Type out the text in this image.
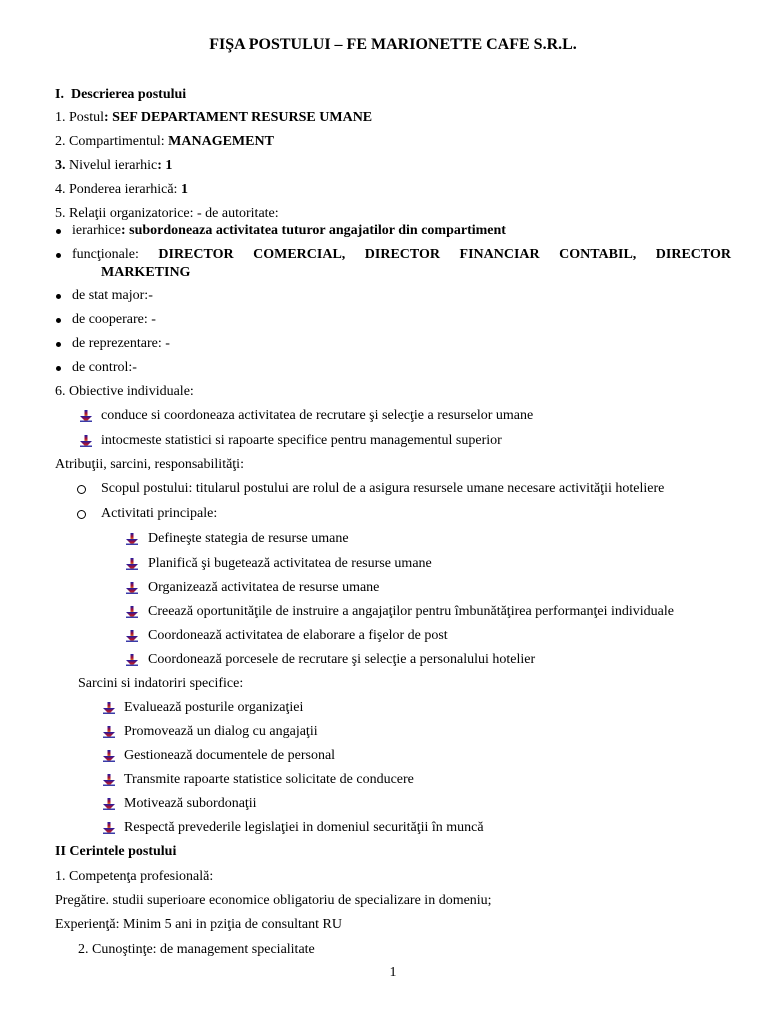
FIŞA POSTULUI – FE MARIONETTE CAFE S.R.L.
I. Descrierea postului
1. Postul: SEF DEPARTAMENT RESURSE UMANE
2. Compartimentul: MANAGEMENT
3. Nivelul ierarhic: 1
4. Ponderea ierarhică: 1
5. Relaţii organizatorice: - de autoritate:
ierarhice: subordoneaza activitatea tuturor angajatilor din compartiment
funcţionale: DIRECTOR COMERCIAL, DIRECTOR FINANCIAR CONTABIL, DIRECTOR
MARKETING
de stat major:-
de cooperare: -
de reprezentare: -
de control:-
6. Obiective individuale:
conduce si coordoneaza activitatea de recrutare şi selecţie a resurselor umane
intocmeste statistici si rapoarte specifice pentru managementul superior
Atribuţii, sarcini, responsabilităţi:
Scopul postului: titularul postului are rolul de a asigura resursele umane necesare activităţii hoteliere
Activitati principale:
Defineşte stategia de resurse umane
Planifică şi bugetează activitatea de resurse umane
Organizează activitatea de resurse umane
Creează oportunităţile de instruire a angajaţilor pentru îmbunătăţirea performanţei individuale
Coordonează activitatea de elaborare a fişelor de post
Coordonează porcesele de recrutare şi selecţie a personalului hotelier
Sarcini si indatoriri specifice:
Evaluează posturile organizaţiei
Promovează un dialog cu angajaţii
Gestionează documentele de personal
Transmite rapoarte statistice solicitate de conducere
Motivează subordonaţii
Respectă prevederile legislaţiei in domeniul securităţii în muncă
II Cerintele postului
1. Competenţa profesională:
Pregătire. studii superioare economice obligatoriu de specializare in domeniu;
Experienţă: Minim 5 ani in pziţia de consultant RU
2. Cunoştinţe: de management specialitate
1
